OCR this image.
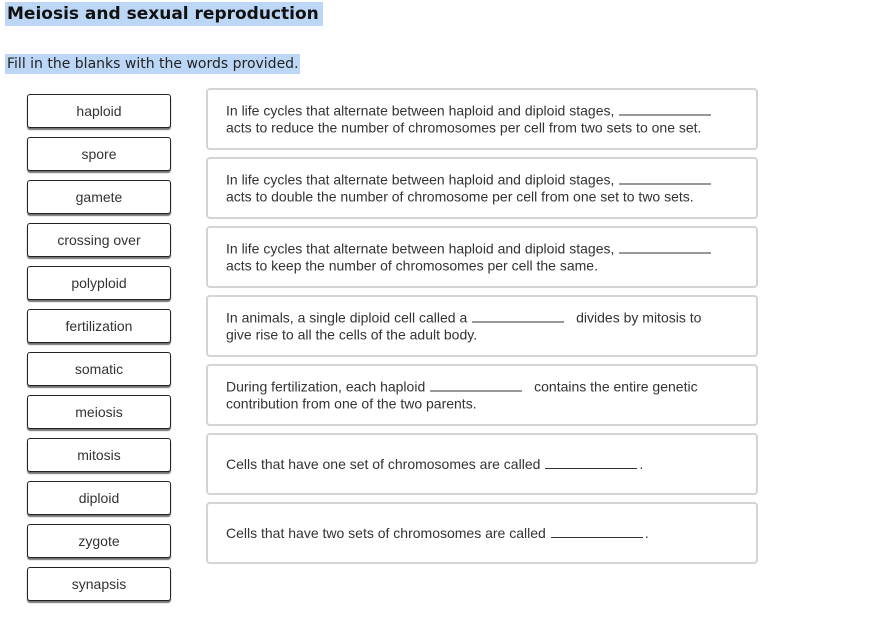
Meiosis and sexual reproduction
Fill in the blanks with the words provided.
haploid
spore
gamete
crossing over
polyploid
fertilization
somatic
meiosis
mitosis
diploid
zygote
synapsis
In life cycles that alternate between haploid and diploid stages, acts to reduce the number of chromosomes per cell from two sets to one set.
In life cycles that alternate between haploid and diploid stages, acts to double the number of chromosome per cell from one set to two sets.
In life cycles that alternate between haploid and diploid stages, acts to keep the number of chromosomes per cell the same.
In animals, a single diploid cell called a	divides by mitosis to give rise to all the cells of the adult body.
During fertilization, each haploid	contains the entire genetic contribution from one of the two parents.
Cells that have one set of chromosomes are called	.
Cells that have two sets of chromosomes are called	.
